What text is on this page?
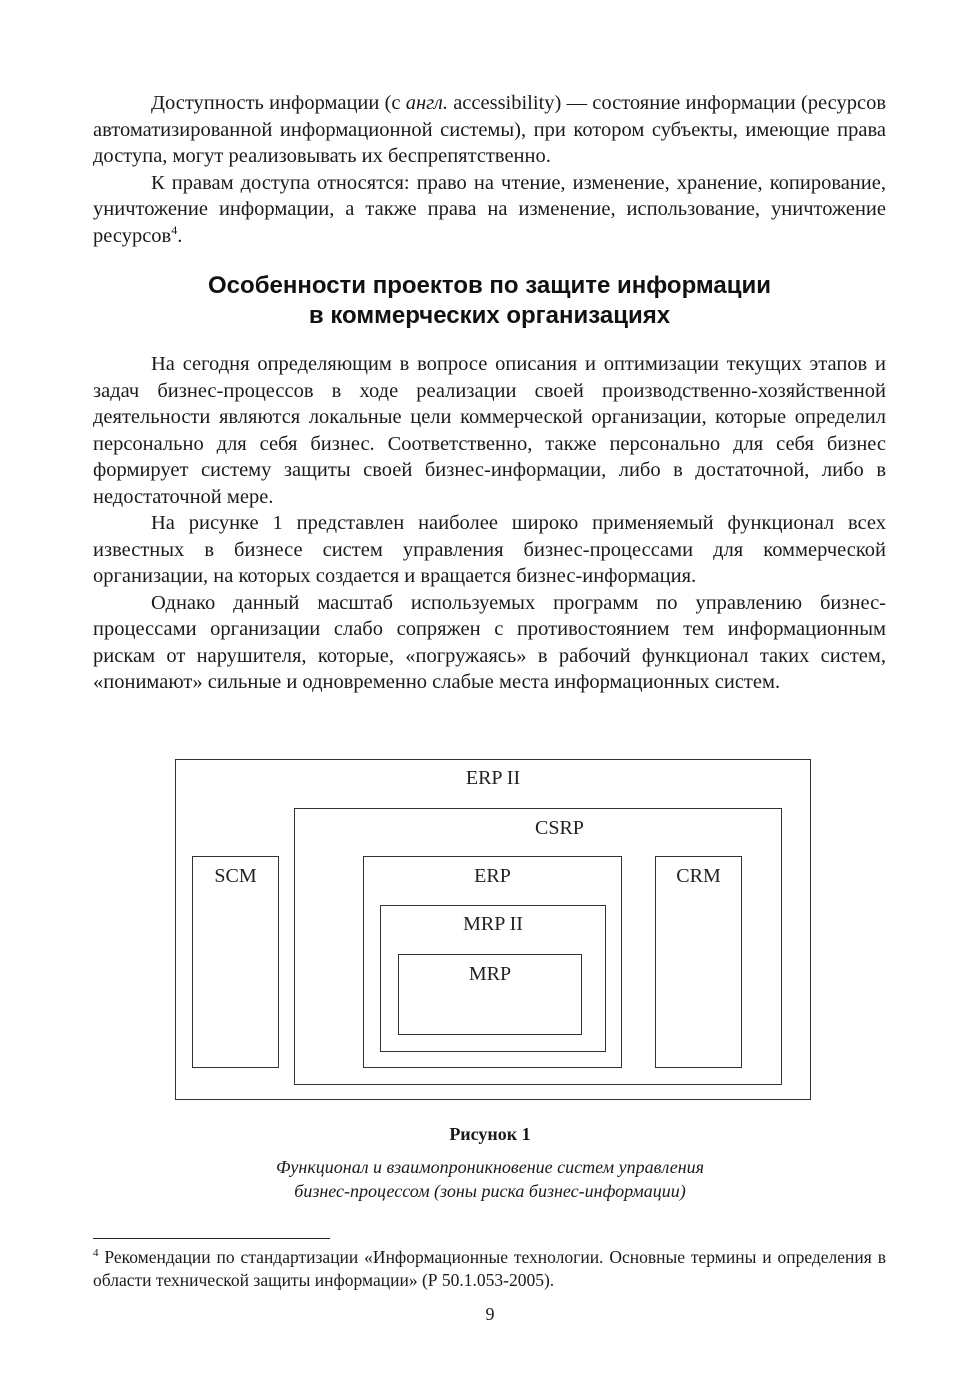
Доступность информации (с англ. accessibility) — состояние информации (ресурсов автоматизированной информационной системы), при котором субъекты, имеющие права доступа, могут реализовывать их беспрепятственно.

К правам доступа относятся: право на чтение, изменение, хранение, копирование, уничтожение информации, а также права на изменение, использование, уничтожение ресурсов$^4$.

Особенности проектов по защите информации
в коммерческих организациях

На сегодня определяющим в вопросе описания и оптимизации текущих этапов и задач бизнес-процессов в ходе реализации своей производственно-хозяйственной деятельности являются локальные цели коммерческой организации, которые определил персонально для себя бизнес. Соответственно, также персонально для себя бизнес формирует систему защиты своей бизнес-информации, либо в достаточной, либо в недостаточной мере.

На рисунке 1 представлен наиболее широко применяемый функционал всех известных в бизнесе систем управления бизнес-процессами для коммерческой организации, на которых создается и вращается бизнес-информация.

Однако данный масштаб используемых программ по управлению бизнес-процессами организации слабо сопряжен с противостоянием тем информационным рискам от нарушителя, которые, «погружаясь» в рабочий функционал таких систем, «понимают» сильные и одновременно слабые места информационных систем.

ERP II
CSRP
SCM	CRM
ERP
MRP II
MRP
Рисунок 1
Функционал и взаимопроникновение систем управления
бизнес-процессом (зоны риска бизнес-информации)

$^4$ Рекомендации по стандартизации «Информационные технологии. Основные термины и определения в области технической защиты информации» (Р 50.1.053-2005).

9
